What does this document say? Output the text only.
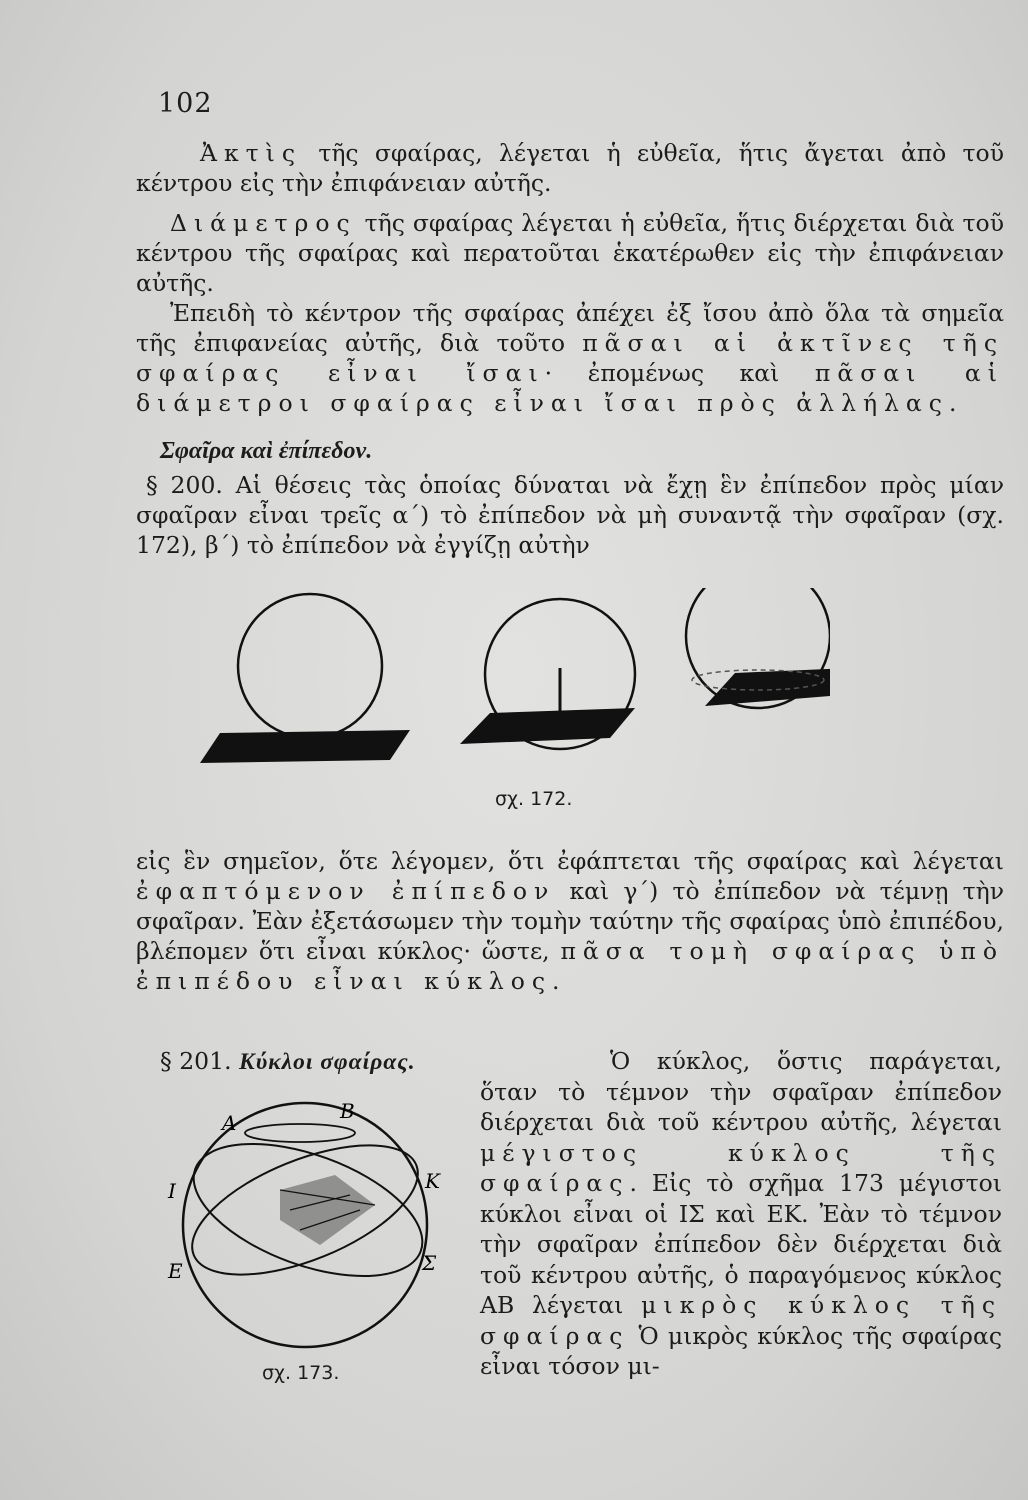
102

Ἀκτὶς τῆς σφαίρας, λέγεται ἡ εὐθεῖα, ἥτις ἄγεται ἀπὸ τοῦ κέντρου εἰς τὴν ἐπιφάνειαν αὐτῆς.

Διάμετρος τῆς σφαίρας λέγεται ἡ εὐθεῖα, ἥτις διέρχεται διὰ τοῦ κέντρου τῆς σφαίρας καὶ περατοῦται ἑκατέρωθεν εἰς τὴν ἐπιφάνειαν αὐτῆς.

Ἐπειδὴ τὸ κέντρον τῆς σφαίρας ἀπέχει ἐξ ἴσου ἀπὸ ὅλα τὰ σημεῖα τῆς ἐπιφανείας αὐτῆς, διὰ τοῦτο πᾶσαι αἱ ἀκτῖνες τῆς σφαίρας εἶναι ἴσαι· ἐπομένως καὶ πᾶσαι αἱ διάμετροι σφαίρας εἶναι ἴσαι πρὸς ἀλλήλας.

Σφαῖρα καὶ ἐπίπεδον.

§ 200. Αἱ θέσεις τὰς ὁποίας δύναται νὰ ἔχῃ ἓν ἐπίπεδον πρὸς μίαν σφαῖραν εἶναι τρεῖς α΄) τὸ ἐπίπεδον νὰ μὴ συναντᾷ τὴν σφαῖραν (σχ. 172), β΄) τὸ ἐπίπεδον νὰ ἐγγίζῃ αὐτὴν

σχ. 172.

εἰς ἓν σημεῖον, ὅτε λέγομεν, ὅτι ἐφάπτεται τῆς σφαίρας καὶ λέγεται ἐφαπτόμενον ἐπίπεδον καὶ γ΄) τὸ ἐπίπεδον νὰ τέμνῃ τὴν σφαῖραν. Ἐὰν ἐξετάσωμεν τὴν τομὴν ταύτην τῆς σφαίρας ὑπὸ ἐπιπέδου, βλέπομεν ὅτι εἶναι κύκλος· ὥστε, πᾶσα τομὴ σφαίρας ὑπὸ ἐπιπέδου εἶναι κύκλος.

§ 201. Κύκλοι σφαίρας.	Ὁ κύκλος, ὅστις παράγεται, ὅταν τὸ τέμνον τὴν σφαῖραν ἐπίπεδον διέρχεται διὰ τοῦ κέντρου αὐτῆς, λέγεται μέγιστος κύκλος τῆς σφαίρας. Εἰς τὸ σχῆμα 173 μέγιστοι κύκλοι εἶναι οἱ ΙΣ καὶ ΕΚ. Ἐὰν τὸ τέμνον τὴν σφαῖραν ἐπίπεδον δὲν διέρχεται διὰ τοῦ κέντρου αὐτῆς, ὁ παραγόμενος κύκλος ΑΒ λέγεται μικρὸς κύκλος τῆς σφαίρας Ὁ μικρὸς κύκλος τῆς σφαίρας εἶναι τόσον μι-

Α	Β
Ι	Κ
Ε	Σ
σχ. 173.
